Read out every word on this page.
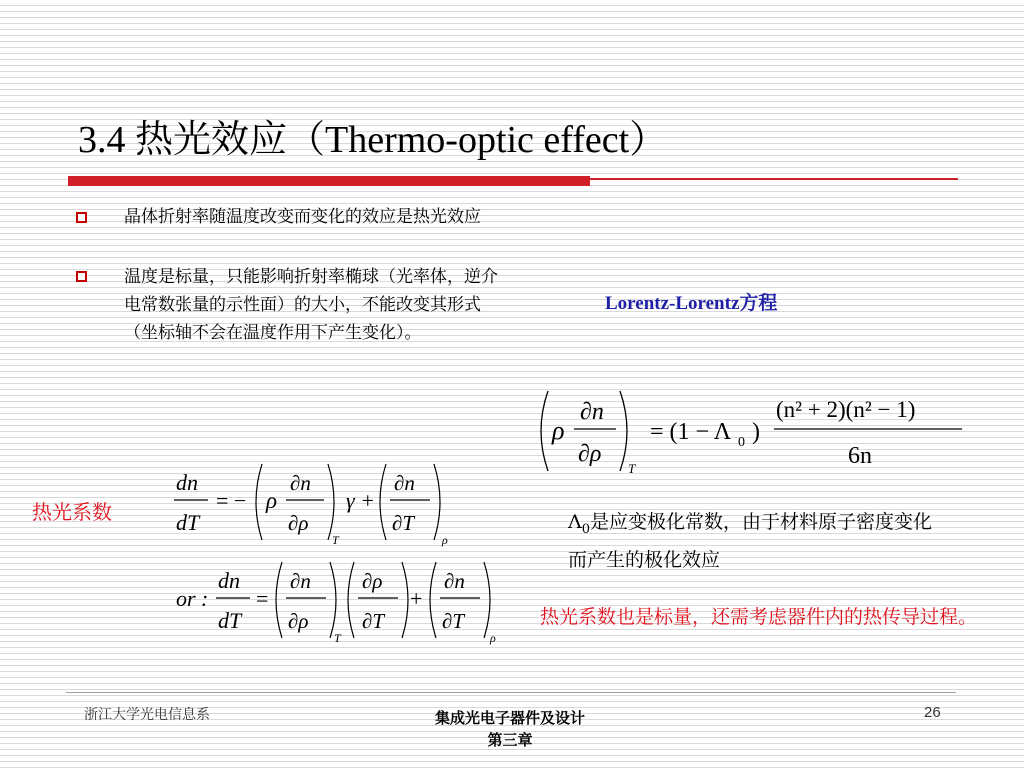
3.4 热光效应（Thermo-optic effect）
晶体折射率随温度改变而变化的效应是热光效应
温度是标量，只能影响折射率椭球（光率体，逆介电常数张量的示性面）的大小，不能改变其形式（坐标轴不会在温度作用下产生变化）。
Lorentz-Lorentz方程
ρ
∂n
∂ρ
T
= (1 − Λ 0 )
(n² + 2)(n² − 1)
6n
热光系数
dn
dT
= − ρ
∂n
∂ρ
T
γ +
∂n
∂T
ρ
or :
dn
dT
=
∂n
∂ρ
T
∂ρ
∂T
+
∂n
∂T
ρ
$\Lambda_0$是应变极化常数，由于材料原子密度变化而产生的极化效应
热光系数也是标量，还需考虑器件内的热传导过程。
浙江大学光电信息系	集成光电子器件及设计
第三章
26
